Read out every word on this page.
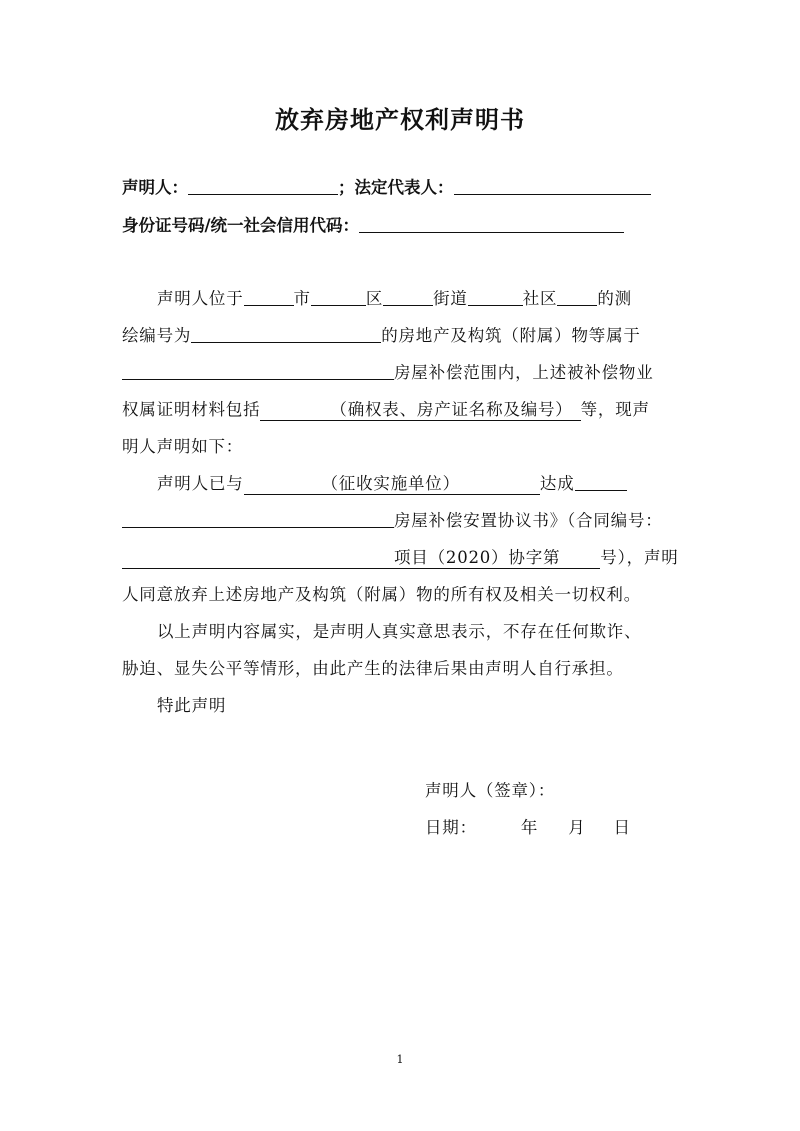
放弃房地产权利声明书
声明人：	；法定代表人：
身份证号码/统一社会信用代码：

声明人位于	市	区	街道	社区 的测

绘编号为	的房地产及构筑（附属）物等属于

房屋补偿范围内，上述被补偿物业

权属证明材料包括	（确权表、房产证名称及编号） 等，现声

明人声明如下：

声明人已与	（征收实施单位）	达成

房屋补偿安置协议书》（合同编号：

项目（2020）协字第 号），声明

人同意放弃上述房地产及构筑（附属）物的所有权及相关一切权利。

以上声明内容属实，是声明人真实意思表示，不存在任何欺诈、

胁迫、显失公平等情形，由此产生的法律后果由声明人自行承担。

特此声明

声明人（签章）：
日期：	年 月 日
1
